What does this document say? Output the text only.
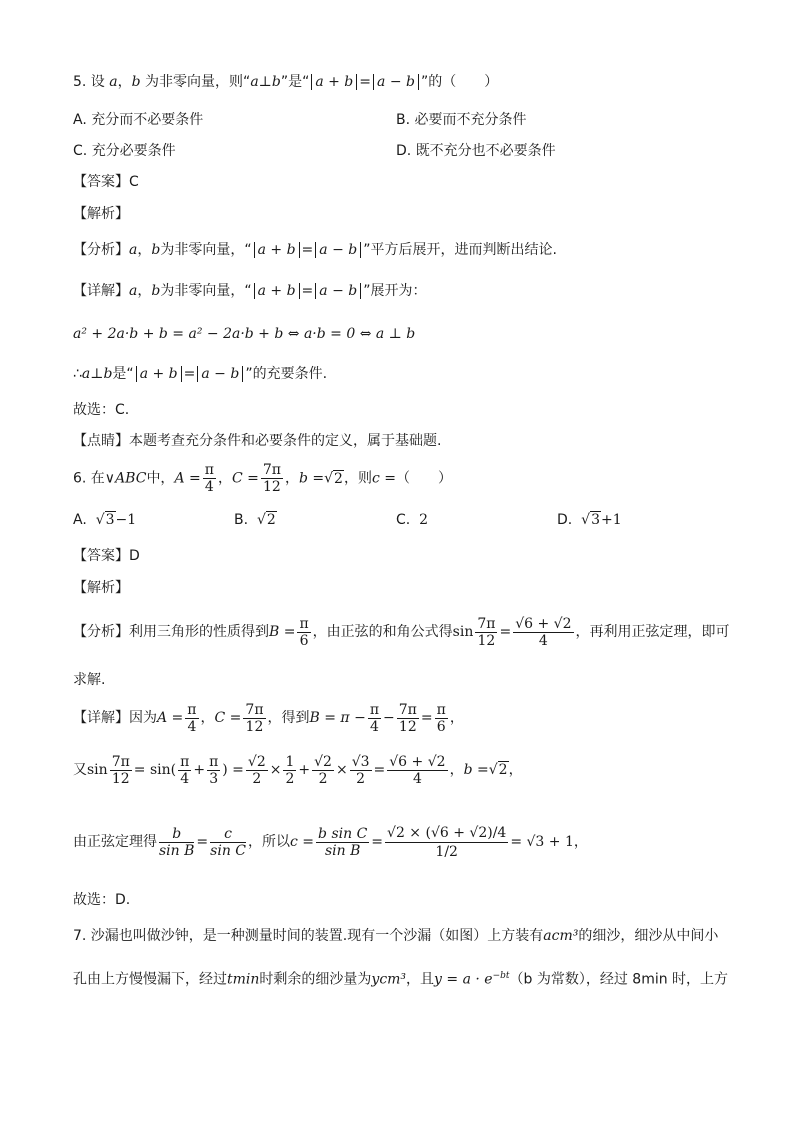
5. 设 a，b 为非零向量，则“a⊥b”是“ a + b = a − b ”的（　　）
A. 充分而不必要条件	B. 必要而不充分条件
C. 充分必要条件	D. 既不充分也不必要条件
【答案】C
【解析】
【分析】a，b为非零向量，“ a + b = a − b ”平方后展开，进而判断出结论.
【详解】a，b为非零向量，“ a + b = a − b ”展开为：
a² + 2a·b + b = a² − 2a·b + b ⇔ a·b = 0 ⇔ a ⊥ b
∴a⊥b是“ a + b = a − b ”的充要条件.
故选：C.
【点睛】本题考查充分条件和必要条件的定义，属于基础题.
6. 在∨ABC中，$A = \frac{\pi}{4}$ ，$C = \frac{7\pi}{12}$ ，b =√2，则c =（　　）
A. √3−1	B. √2	C. 2	D. √3+1
【答案】D
【解析】
【分析】利用三角形的性质得到$B = \frac{\pi}{6}$ ，由正弦的和角公式得$\sin \frac{7\pi}{12} = \frac{√6 + √2}{4}$ ，再利用正弦定理，即可
求解.
【详解】因为$A = \frac{\pi}{4}$ ，$C = \frac{7\pi}{12}$ ，得到$B = \pi - \frac{\pi}{4} - \frac{7\pi}{12} = \frac{\pi}{6}$ ，
又$\sin \frac{7\pi}{12} = \sin( \frac{\pi}{4} + \frac{\pi}{3}$ ) = $\frac{√2}{2} \times \frac{1}{2} + \frac{√2}{2} \times \frac{√3}{2} = \frac{√6 + √2}{4}$ ，b =√2，
由正弦定理得 $\frac{b}{\text{sin B}} = \frac{c}{\text{sin C}}$ ，所以$c = \frac{\text{b sin C}}{\text{sin B}} = \frac{√2 \times (√6 + √2)/4}{1/2} = √3 + 1$，
故选：D.
7. 沙漏也叫做沙钟，是一种测量时间的装置.现有一个沙漏（如图）上方装有acm³的细沙，细沙从中间小
孔由上方慢慢漏下，经过tmin时剩余的细沙量为ycm³，且$y = a \cdot e^{-bt}(b$ 为常数），经过 8min 时，上方
